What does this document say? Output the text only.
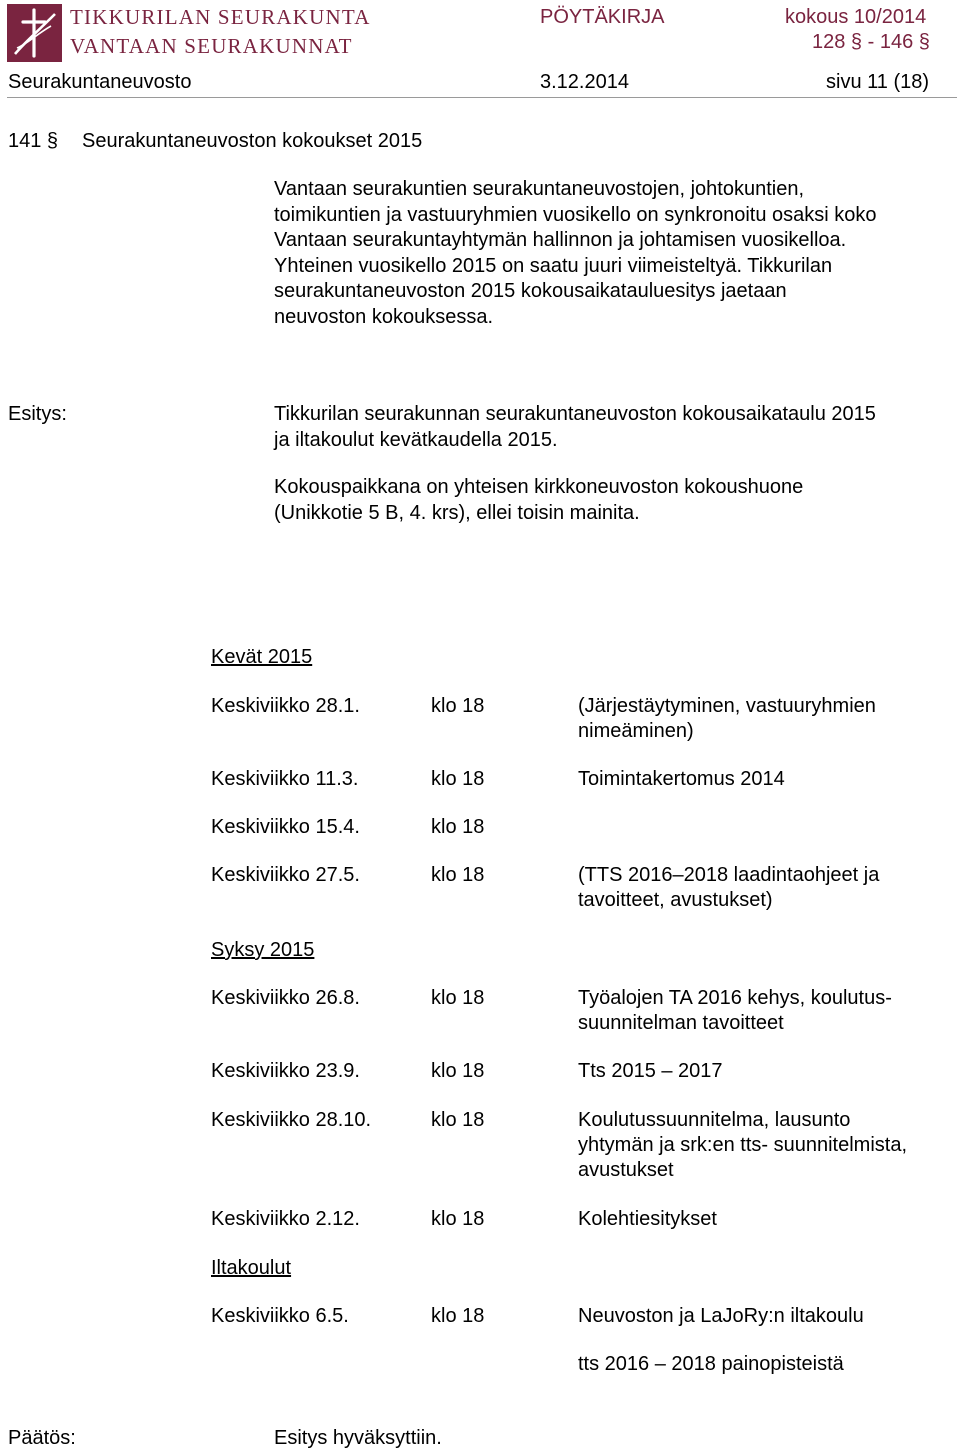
TIKKURILAN SEURAKUNTA
VANTAAN SEURAKUNNAT
PÖYTÄKIRJA	kokous 10/2014
128 § - 146 §
Seurakuntaneuvosto	3.12.2014	sivu 11 (18)
141 § Seurakuntaneuvoston kokoukset 2015
Vantaan seurakuntien seurakuntaneuvostojen, johtokuntien,
toimikuntien ja vastuuryhmien vuosikello on synkronoitu osaksi koko
Vantaan seurakuntayhtymän hallinnon ja johtamisen vuosikelloa.
Yhteinen vuosikello 2015 on saatu juuri viimeisteltyä. Tikkurilan
seurakuntaneuvoston 2015 kokousaikatauluesitys jaetaan
neuvoston kokouksessa.
Esitys:	Tikkurilan seurakunnan seurakuntaneuvoston kokousaikataulu 2015
ja iltakoulut kevätkaudella 2015.
Kokouspaikkana on yhteisen kirkkoneuvoston kokoushuone
(Unikkotie 5 B, 4. krs), ellei toisin mainita.
Kevät 2015
Keskiviikko 28.1.	klo 18	(Järjestäytyminen, vastuuryhmien
nimeäminen)
Keskiviikko 11.3.	klo 18	Toimintakertomus 2014
Keskiviikko 15.4.	klo 18
Keskiviikko 27.5.	klo 18	(TTS 2016–2018 laadintaohjeet ja
tavoitteet, avustukset)
Syksy 2015
Keskiviikko 26.8.	klo 18	Työalojen TA 2016 kehys, koulutus-
suunnitelman tavoitteet
Keskiviikko 23.9.	klo 18	Tts 2015 – 2017
Keskiviikko 28.10.	klo 18	Koulutussuunnitelma, lausunto
yhtymän ja srk:en tts- suunnitelmista,
avustukset
Keskiviikko 2.12.	klo 18	Kolehtiesitykset
Iltakoulut
Keskiviikko 6.5.	klo 18	Neuvoston ja LaJoRy:n iltakoulu
tts 2016 – 2018 painopisteistä
Päätös:	Esitys hyväksyttiin.
